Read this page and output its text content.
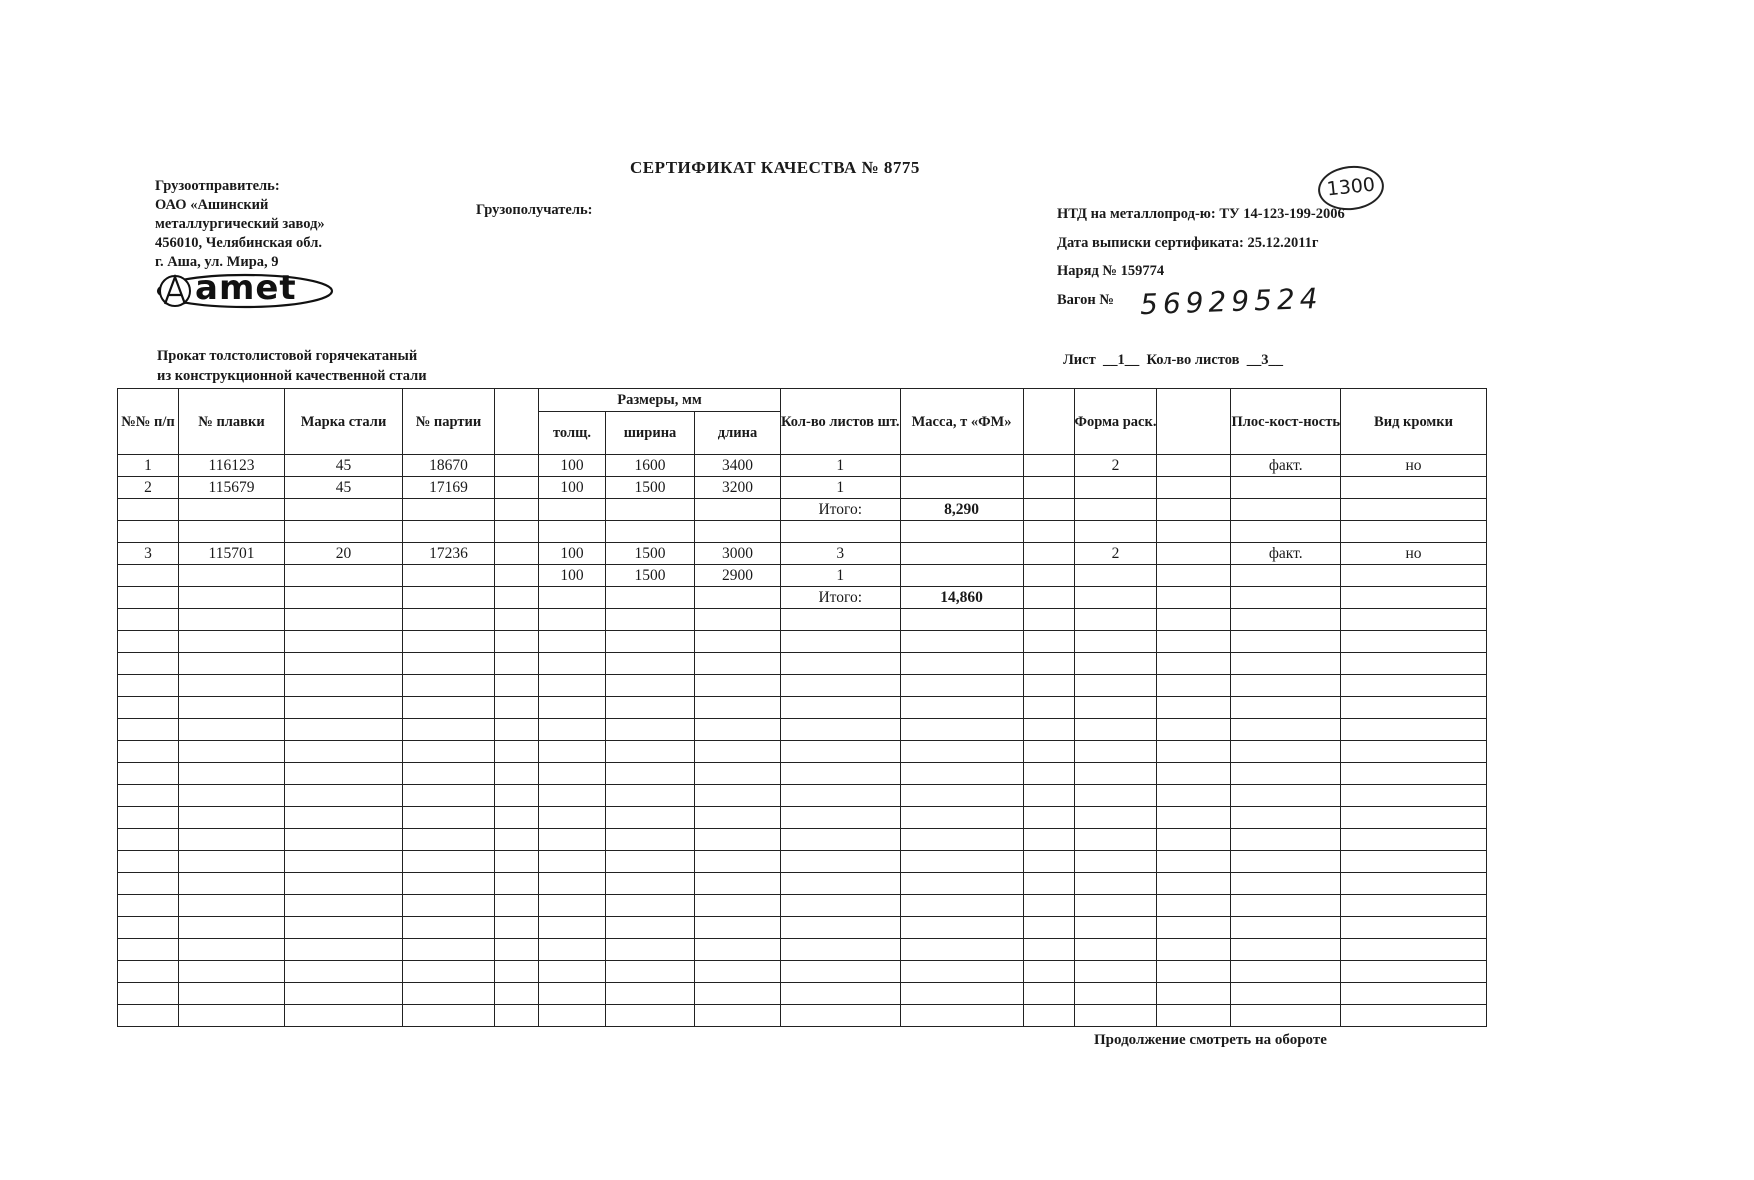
СЕРТИФИКАТ КАЧЕСТВА № 8775
Грузоотправитель:
ОАО «Ашинский
металлургический завод»
456010, Челябинская обл.
г. Аша, ул. Мира, 9
amet
Грузополучатель:
1300
НТД на металлопрод-ю: ТУ 14-123-199-2006
Дата выписки сертификата: 25.12.2011г
Наряд № 159774
Вагон № 56929524
Прокат толстолистовой горячекатаный
из конструкционной качественной стали
Лист  __1__  Кол-во листов  __3__
№№ п/п	№ плавки	Марка стали	№ партии		Размеры, мм			Кол-во листов шт.	Масса, т «ФМ»		Форма раск.		Плос-кост-ность	Вид кромки
					толщ.	ширина	длина							
1	116123	45	18670		100	1600	3400	1			2		факт.	но
2	115679	45	17169		100	1500	3200	1						
								Итого:	8,290					

3	115701	20	17236		100	1500	3000	3			2		факт.	но
					100	1500	2900	1						
								Итого:	14,860					

Продолжение смотреть на обороте
